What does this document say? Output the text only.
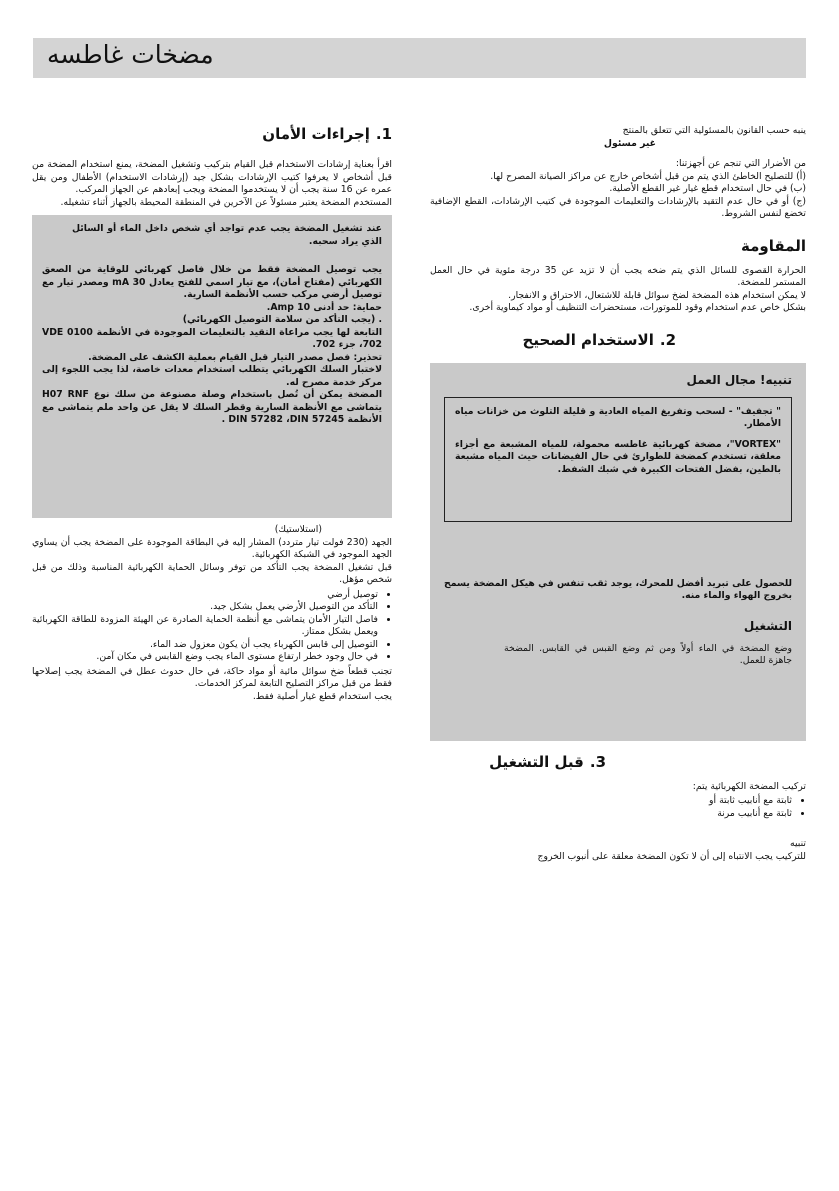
مضخات غاطسه

ينبه حسب القانون بالمسئولية التي تتعلق بالمنتج

غير مسئول

من الأضرار التي تنجم عن أجهزتنا:

(أ) للتصليح الخاطئ الذي يتم من قبل أشخاص خارج عن مراكز الصيانة المصرح لها.

(ب) في حال استخدام قطع غيار غير القطع الأصلية.

(ج) أو في حال عدم التقيد بالإرشادات والتعليمات الموجودة في كتيب الإرشادات، القطع الإضافية تخضع لنفس الشروط.

المقاومة

الحرارة القصوى للسائل الذي يتم ضخه يجب أن لا تزيد عن 35 درجة مئوية في حال العمل المستمر للمضخة.

لا يمكن استخدام هذه المضخة لضخ سوائل قابلة للاشتعال، الاحتراق و الانفجار.

بشكل خاص عدم استخدام وقود للموتورات، مستحضرات التنظيف أو مواد كيماوية أخرى.

2.الاستخدام الصحيح
تنبيه! مجال العمل

" تجفيف" - لسحب وتفريغ المياه العادية و قليلة التلوث من خزانات مياه الأمطار.

"VORTEX"، مضخة كهربائية غاطسه محمولة، للمياه المشبعة مع أجزاء معلقة، تستخدم كمضخة للطوارئ في حال الفيضانات حيث المياه مشبعة بالطين، بفضل الفتحات الكبيرة في شبك الشفط.

للحصول على تبريد أفضل للمحرك، يوجد ثقب تنفس في هيكل المضخة يسمح بخروج الهواء والماء منه.

التشغيل

وضع المضخة في الماء أولاً ومن ثم وضع القبس في القابس. المضخة جاهزة للعمل.

3.قبل التشغيل

تركيب المضخة الكهربائية يتم:

• ثابتة مع أنابيب ثابتة أو
• ثابتة مع أنابيب مرنة

تنبيه

للتركيب يجب الانتباه إلى أن لا تكون المضخة معلقة على أنبوب الخروج

1.إجراءات الأمان

اقرأ بعناية إرشادات الاستخدام قبل القيام بتركيب وتشغيل المضخة، يمنع استخدام المضخة من قبل أشخاص لا يعرفوا كتيب الإرشادات بشكل جيد (إرشادات الاستخدام) الأطفال ومن يقل عمره عن 16 سنة يجب أن لا يستخدموا المضخة ويجب إبعادهم عن الجهاز المركب.

المستخدم المضخة يعتبر مسئولاً عن الآخرين في المنطقة المحيطة بالجهاز أثناء تشغيله.

عند تشغيل المضخة يجب عدم تواجد أي شخص داخل الماء أو السائل الذي يراد سحبه.

يجب توصيل المضخة فقط من خلال فاصل كهربائي للوقاية من الصعق الكهربائي (مفتاح أمان)، مع تيار اسمي للفتح يعادل 30 mA ومصدر تيار مع توصيل أرضي مركب حسب الأنظمة السارية.

حماية: حد أدنى 10 Amp.

. (يجب التأكد من سلامة التوصيل الكهربائي)

التابعة لها يجب مراعاة التقيد بالتعليمات الموجودة في الأنظمة VDE 0100 ،702 جزء 702.

تحذير: فصل مصدر التيار قبل القيام بعملية الكشف على المضخة.

لاختبار السلك الكهربائي يتطلب استخدام معدات خاصة، لذا يجب اللجوء إلى مركز خدمة مصرح له.

المضخة يمكن أن تُصل باستخدام وصلة مصنوعة من سلك نوع H07 RNF يتماشى مع الأنظمة السارية وقطر السلك لا يقل عن واحد ملم يتماشى مع الأنظمة DIN 57282 ،DIN 57245 .

(استلاستيك)

الجهد (230 فولت تيار متردد) المشار إليه في البطاقة الموجودة على المضخة يجب أن يساوي الجهد الموجود في الشبكة الكهربائية.

قبل تشغيل المضخة يجب التأكد من توفر وسائل الحماية الكهربائية المناسبة وذلك من قبل شخص مؤهل.

• توصيل أرضي
• التأكد من التوصيل الأرضي يعمل بشكل جيد.
• فاصل التيار الأمان يتماشى مع أنظمة الحماية الصادرة عن الهيئة المزودة للطاقة الكهربائية ويعمل بشكل ممتاز.
• التوصيل إلى قابس الكهرباء يجب أن يكون معزول ضد الماء.
• في حال وجود خطر ارتفاع مستوى الماء يجب وضع القابس في مكان آمن.

تجنب قطعاً ضخ سوائل مائية أو مواد حاكة، في حال حدوث عطل في المضخة يجب إصلاحها فقط من قبل مراكز التصليح التابعة لمركز الخدمات.

يجب استخدام قطع غيار أصلية فقط.
